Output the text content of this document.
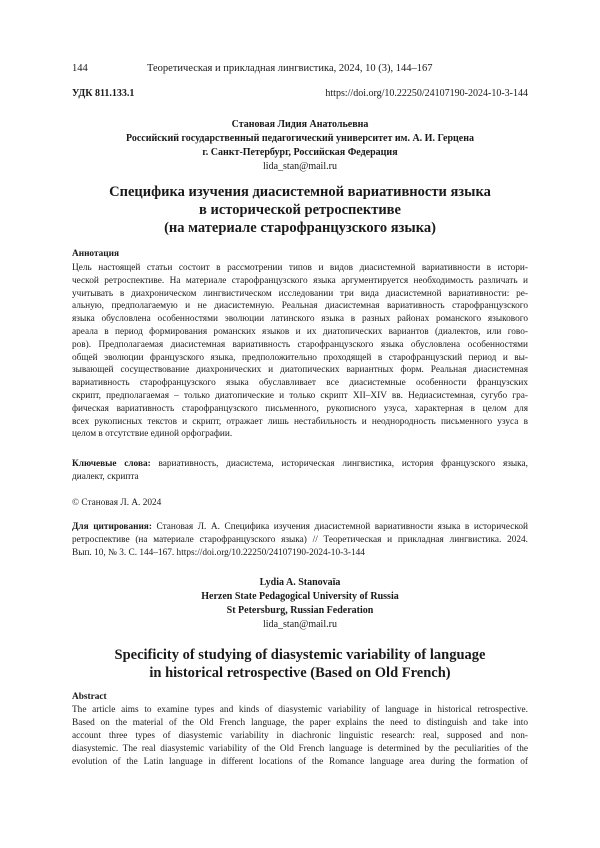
144	Теоретическая и прикладная лингвистика, 2024, 10 (3), 144–167
УДК 811.133.1	https://doi.org/10.22250/24107190-2024-10-3-144
Становая Лидия Анатольевна
Российский государственный педагогический университет им. А. И. Герцена
г. Санкт-Петербург, Российская Федерация
lida_stan@mail.ru
Специфика изучения диасистемной вариативности языка
в исторической ретроспективе
(на материале старофранцузского языка)
Аннотация
Цель настоящей статьи состоит в рассмотрении типов и видов диасистемной вариативности в истори-
ческой ретроспективе. На материале старофранцузского языка аргументируется необходимость различать и
учитывать в диахроническом лингвистическом исследовании три вида диасистемной вариативности: ре-
альную, предполагаемую и не диасистемную. Реальная диасистемная вариативность старофранцузского
языка обусловлена особенностями эволюции латинского языка в разных районах романского языкового
ареала в период формирования романских языков и их диатопических вариантов (диалектов, или гово-
ров). Предполагаемая диасистемная вариативность старофранцузского языка обусловлена особенностями
общей эволюции французского языка, предположительно проходящей в старофранцузский период и вы-
зывающей сосуществование диахронических и диатопических вариантных форм. Реальная диасистемная
вариативность старофранцузского языка обуславливает все диасистемные особенности французских
скрипт, предполагаемая – только диатопические и только скрипт XII–XIV вв. Недиасистемная, сугубо гра-
фическая вариативность старофранцузского письменного, рукописного узуса, характерная в целом для
всех рукописных текстов и скрипт, отражает лишь нестабильность и неоднородность письменного узуса в
целом в отсутствие единой орфографии.
Ключевые слова: вариативность, диасистема, историческая лингвистика, история французского языка,
диалект, скрипта
© Становая Л. А. 2024
Для цитирования: Становая Л. А. Специфика изучения диасистемной вариативности языка в исторической
ретроспективе (на материале старофранцузского языка) // Теоретическая и прикладная лингвистика. 2024.
Вып. 10, № 3. С. 144–167. https://doi.org/10.22250/24107190-2024-10-3-144
Lydia A. Stanovaïa
Herzen State Pedagogical University of Russia
St Petersburg, Russian Federation
lida_stan@mail.ru
Specificity of studying of diasystemic variability of language
in historical retrospective (Based on Old French)
Abstract
The article aims to examine types and kinds of diasystemic variability of language in historical retrospective.
Based on the material of the Old French language, the paper explains the need to distinguish and take into
account three types of diasystemic variability in diachronic linguistic research: real, supposed and non-
diasystemic. The real diasystemic variability of the Old French language is determined by the peculiarities of the
evolution of the Latin language in different locations of the Romance language area during the formation of
